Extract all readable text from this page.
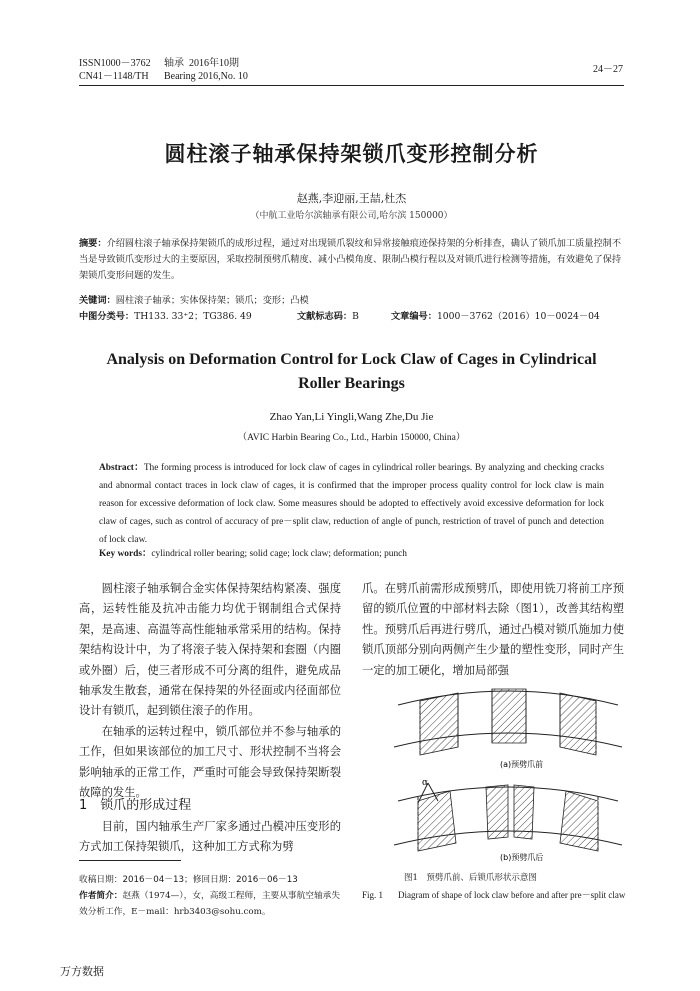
ISSN1000－3762
CN41－1148/TH
轴承 2016年10期
Bearing 2016,No. 10
24－27
圆柱滚子轴承保持架锁爪变形控制分析
赵燕,李迎丽,王喆,杜杰
（中航工业哈尔滨轴承有限公司,哈尔滨 150000）
摘要：介绍圆柱滚子轴承保持架锁爪的成形过程，通过对出现锁爪裂纹和异常接触痕迹保持架的分析排查，确认了锁爪加工质量控制不当是导致锁爪变形过大的主要原因，采取控制预劈爪精度、减小凸模角度、限制凸模行程以及对锁爪进行检测等措施，有效避免了保持架锁爪变形问题的发生。
关键词：圆柱滚子轴承；实体保持架；锁爪；变形；凸模
中图分类号：TH133. 33⁺2；TG386. 49	文献标志码：B	文章编号：1000－3762（2016）10－0024－04
Analysis on Deformation Control for Lock Claw of Cages in Cylindrical
Roller Bearings
Zhao Yan,Li Yingli,Wang Zhe,Du Jie
（AVIC Harbin Bearing Co., Ltd., Harbin 150000, China）
Abstract：The forming process is introduced for lock claw of cages in cylindrical roller bearings. By analyzing and checking cracks and abnormal contact traces in lock claw of cages, it is confirmed that the improper process quality control for lock claw is main reason for excessive deformation of lock claw. Some measures should be adopted to effectively avoid excessive deformation for lock claw of cages, such as control of accuracy of pre－split claw, reduction of angle of punch, restriction of travel of punch and detection of lock claw.
Key words：cylindrical roller bearing; solid cage; lock claw; deformation; punch

圆柱滚子轴承铜合金实体保持架结构紧凑、强度高，运转性能及抗冲击能力均优于钢制组合式保持架，是高速、高温等高性能轴承常采用的结构。保持架结构设计中，为了将滚子装入保持架和套圈（内圈或外圈）后，使三者形成不可分离的组件，避免成品轴承发生散套，通常在保持架的外径面或内径面部位设计有锁爪，起到锁住滚子的作用。

在轴承的运转过程中，锁爪部位并不参与轴承的工作，但如果该部位的加工尺寸、形状控制不当将会影响轴承的正常工作，严重时可能会导致保持架断裂故障的发生。

1　锁爪的形成过程

目前，国内轴承生产厂家多通过凸模冲压变形的方式加工保持架锁爪，这种加工方式称为劈

收稿日期：2016－04－13；修回日期：2016－06－13
作者简介：赵燕（1974—），女，高级工程师，主要从事航空轴承失效分析工作，E－mail：hrb3403@sohu.com。

爪。在劈爪前需形成预劈爪，即使用铣刀将前工序预留的锁爪位置的中部材料去除（图1），改善其结构塑性。预劈爪后再进行劈爪，通过凸模对锁爪施加力使锁爪顶部分别向两侧产生少量的塑性变形，同时产生一定的加工硬化，增加局部强

(a)预劈爪前
α
(b)预劈爪后
图1　预劈爪前、后锁爪形状示意图
Fig. 1	Diagram of shape of lock claw before and after pre－split claw
万方数据
